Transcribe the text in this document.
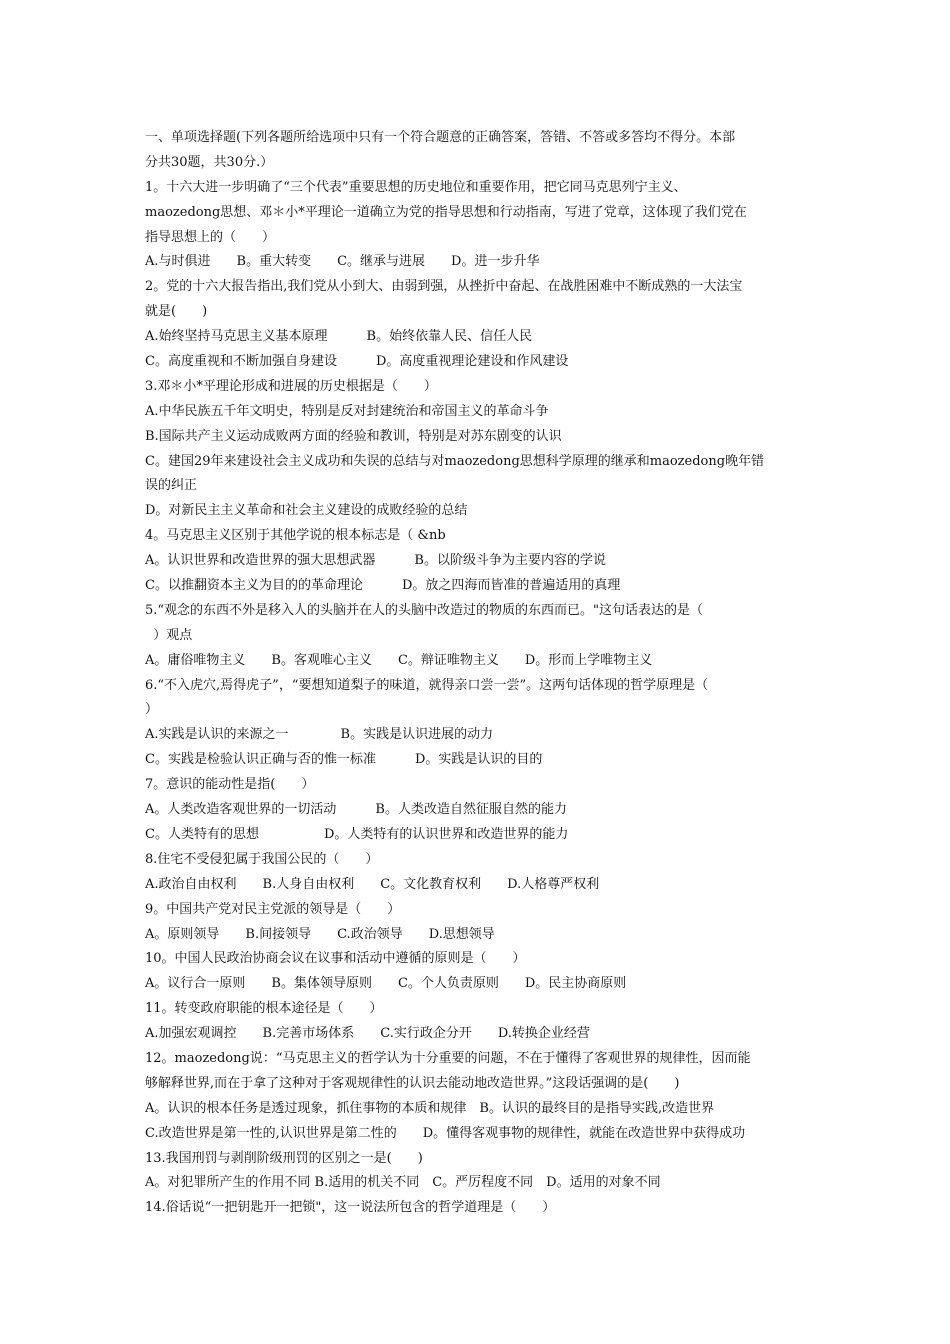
一、单项选择题(下列各题所给选项中只有一个符合题意的正确答案，答错、不答或多答均不得分。本部
分共30题，共30分.）
1。十六大进一步明确了“三个代表”重要思想的历史地位和重要作用，把它同马克思列宁主义、
maozedong思想、邓＊小*平理论一道确立为党的指导思想和行动指南，写进了党章，这体现了我们党在
指导思想上的（　　）
A.与时俱进　　B。重大转变　　C。继承与进展　　D。进一步升华
2。党的十六大报告指出,我们党从小到大、由弱到强，从挫折中奋起、在战胜困难中不断成熟的一大法宝
就是(　　)
A.始终坚持马克思主义基本原理　　　B。始终依靠人民、信任人民
C。高度重视和不断加强自身建设　　　D。高度重视理论建设和作风建设
3.邓＊小*平理论形成和进展的历史根据是（　　）
A.中华民族五千年文明史，特别是反对封建统治和帝国主义的革命斗争
B.国际共产主义运动成败两方面的经验和教训，特别是对苏东剧变的认识
C。建国29年来建设社会主义成功和失误的总结与对maozedong思想科学原理的继承和maozedong晚年错
误的纠正
D。对新民主主义革命和社会主义建设的成败经验的总结
4。马克思主义区别于其他学说的根本标志是（ &nb
A。认识世界和改造世界的强大思想武器　　　B。以阶级斗争为主要内容的学说
C。以推翻资本主义为目的的革命理论　　　D。放之四海而皆准的普遍适用的真理
5.“观念的东西不外是移入人的头脑并在人的头脑中改造过的物质的东西而已。"这句话表达的是（
）观点
A。庸俗唯物主义　　B。客观唯心主义　　C。辩证唯物主义　　D。形而上学唯物主义
6.“不入虎穴,焉得虎子”，“要想知道梨子的味道，就得亲口尝一尝”。这两句话体现的哲学原理是（
）
A.实践是认识的来源之一　　　　B。实践是认识进展的动力
C。实践是检验认识正确与否的惟一标准　　　D。实践是认识的目的
7。意识的能动性是指(　　）
A。人类改造客观世界的一切活动　　　B。人类改造自然征服自然的能力
C。人类特有的思想　　　　　D。人类特有的认识世界和改造世界的能力
8.住宅不受侵犯属于我国公民的（　　）
A.政治自由权利　　B.人身自由权利　　C。文化教育权利　　D.人格尊严权利
9。中国共产党对民主党派的领导是（　　）
A。原则领导　　B.间接领导　　C.政治领导　　D.思想领导
10。中国人民政治协商会议在议事和活动中遵循的原则是（　　）
A。议行合一原则　　B。集体领导原则　　C。个人负责原则　　D。民主协商原则
11。转变政府职能的根本途径是（　　）
A.加强宏观调控　　B.完善市场体系　　C.实行政企分开　　D.转换企业经营
12。maozedong说：“马克思主义的哲学认为十分重要的问题，不在于懂得了客观世界的规律性，因而能
够解释世界,而在于拿了这种对于客观规律性的认识去能动地改造世界。”这段话强调的是(　　)
A。认识的根本任务是透过现象，抓住事物的本质和规律　B。认识的最终目的是指导实践,改造世界
C.改造世界是第一性的,认识世界是第二性的　　D。懂得客观事物的规律性，就能在改造世界中获得成功
13.我国刑罚与剥削阶级刑罚的区别之一是(　　)
A。对犯罪所产生的作用不同 B.适用的机关不同　C。严厉程度不同　D。适用的对象不同
14.俗话说“一把钥匙开一把锁"，这一说法所包含的哲学道理是（　　）
